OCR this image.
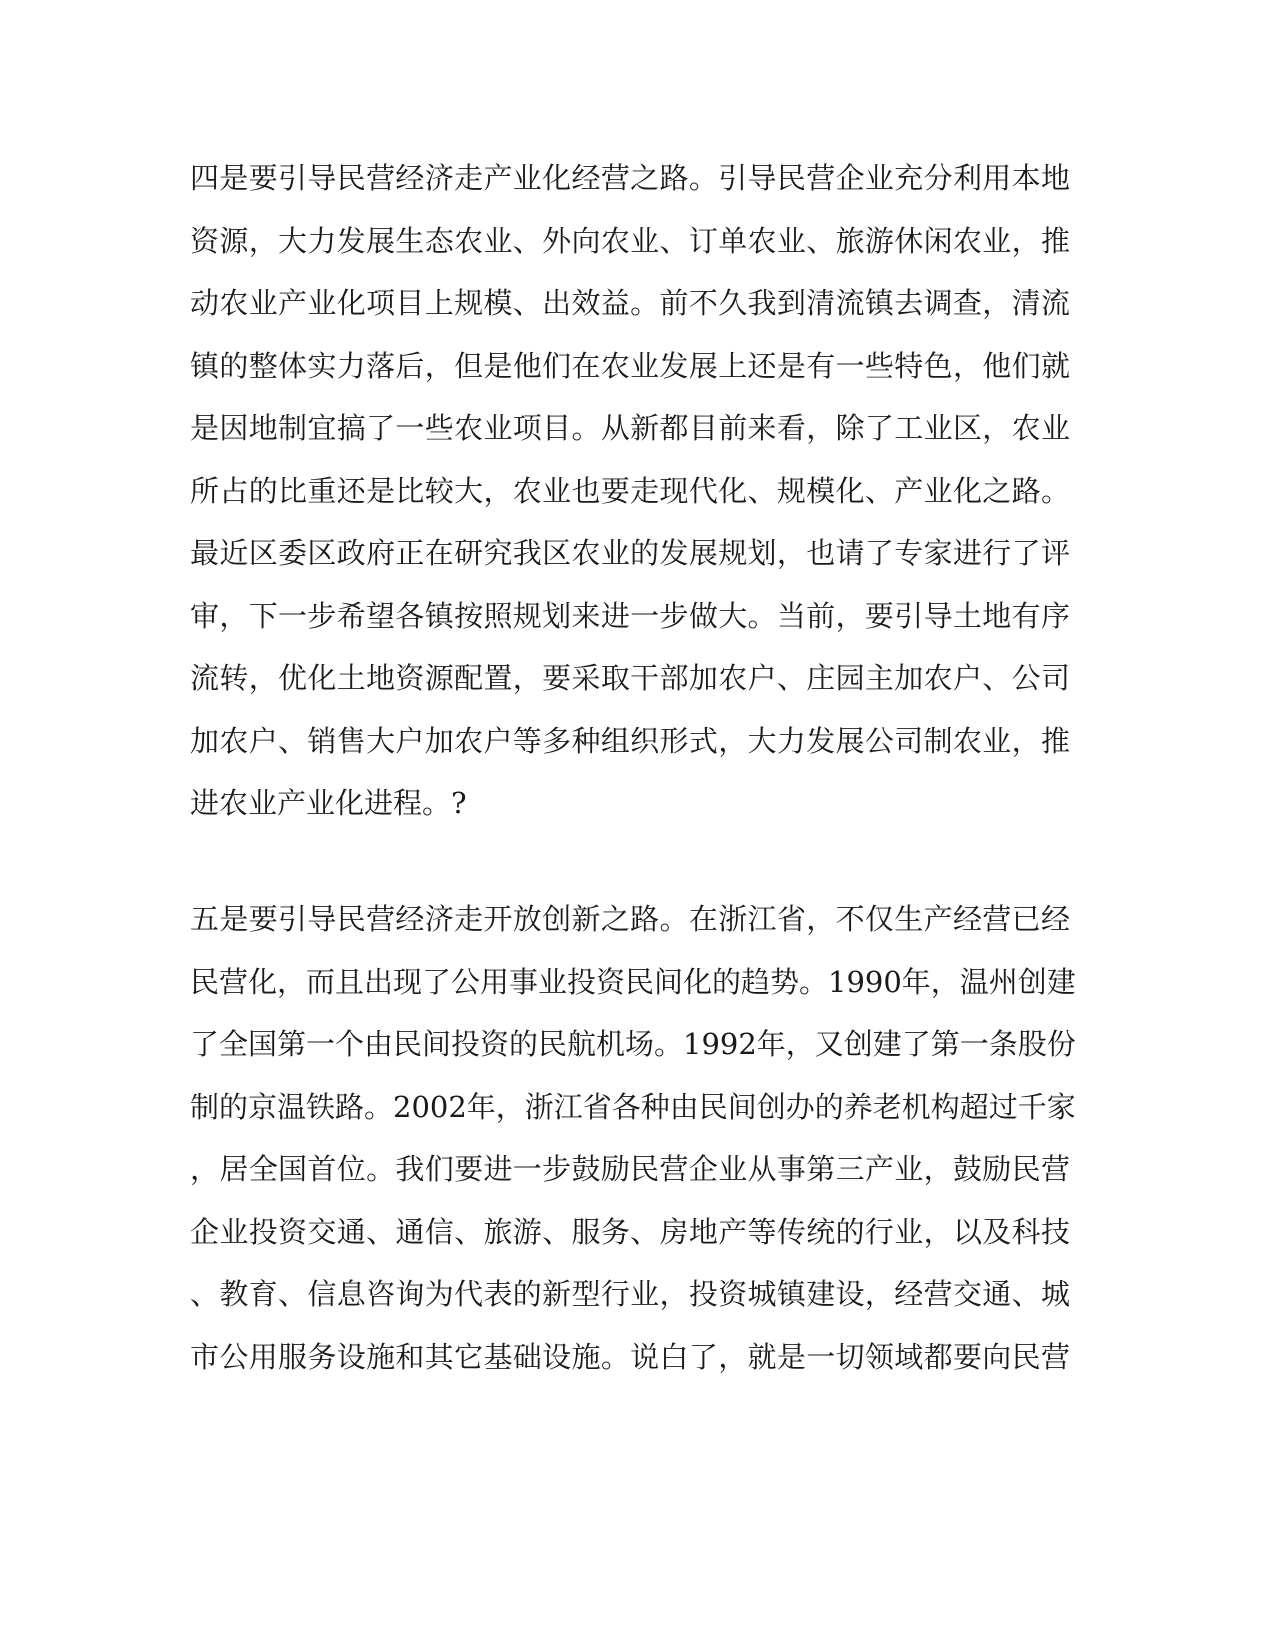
四是要引导民营经济走产业化经营之路。引导民营企业充分利用本地
资源，大力发展生态农业、外向农业、订单农业、旅游休闲农业，推
动农业产业化项目上规模、出效益。前不久我到清流镇去调查，清流
镇的整体实力落后，但是他们在农业发展上还是有一些特色，他们就
是因地制宜搞了一些农业项目。从新都目前来看，除了工业区，农业
所占的比重还是比较大，农业也要走现代化、规模化、产业化之路。
最近区委区政府正在研究我区农业的发展规划，也请了专家进行了评
审，下一步希望各镇按照规划来进一步做大。当前，要引导土地有序
流转，优化土地资源配置，要采取干部加农户、庄园主加农户、公司
加农户、销售大户加农户等多种组织形式，大力发展公司制农业，推
进农业产业化进程。?
五是要引导民营经济走开放创新之路。在浙江省，不仅生产经营已经
民营化，而且出现了公用事业投资民间化的趋势。1990年，温州创建
了全国第一个由民间投资的民航机场。1992年，又创建了第一条股份
制的京温铁路。2002年，浙江省各种由民间创办的养老机构超过千家
，居全国首位。我们要进一步鼓励民营企业从事第三产业，鼓励民营
企业投资交通、通信、旅游、服务、房地产等传统的行业，以及科技
、教育、信息咨询为代表的新型行业，投资城镇建设，经营交通、城
市公用服务设施和其它基础设施。说白了，就是一切领域都要向民营
